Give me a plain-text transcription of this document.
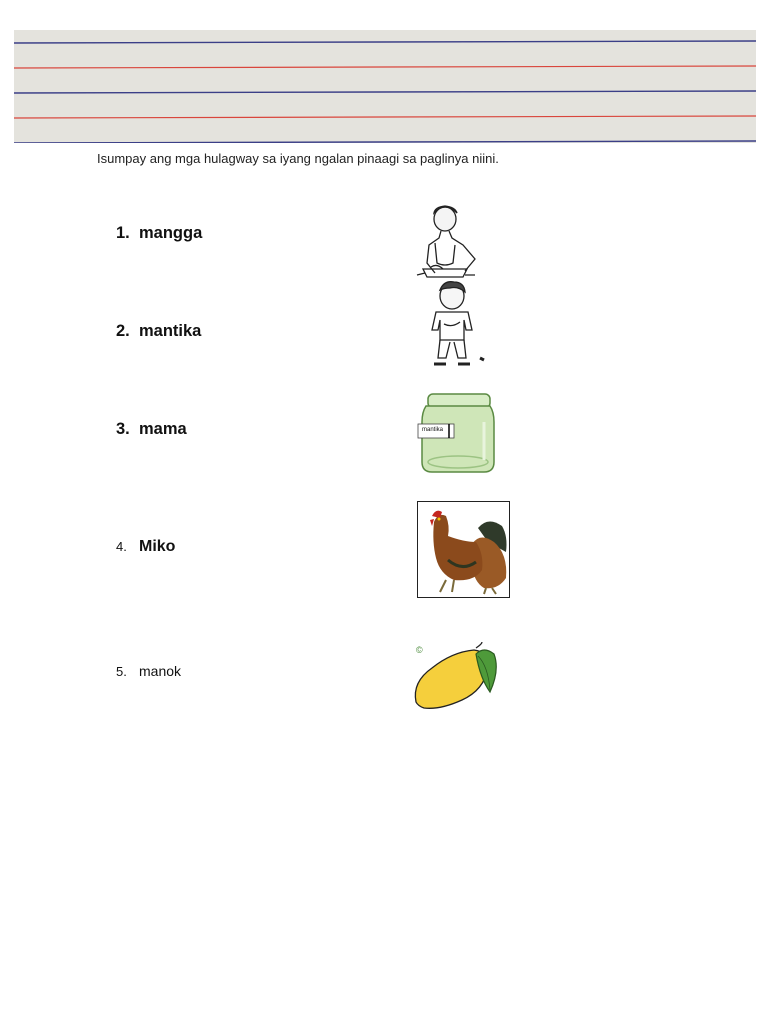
Isumpay ang mga hulagway sa iyang ngalan pinaagi sa paglinya niini.
1. mangga
2. mantika
3. mama
4. Miko
5. manok
mantika
©
